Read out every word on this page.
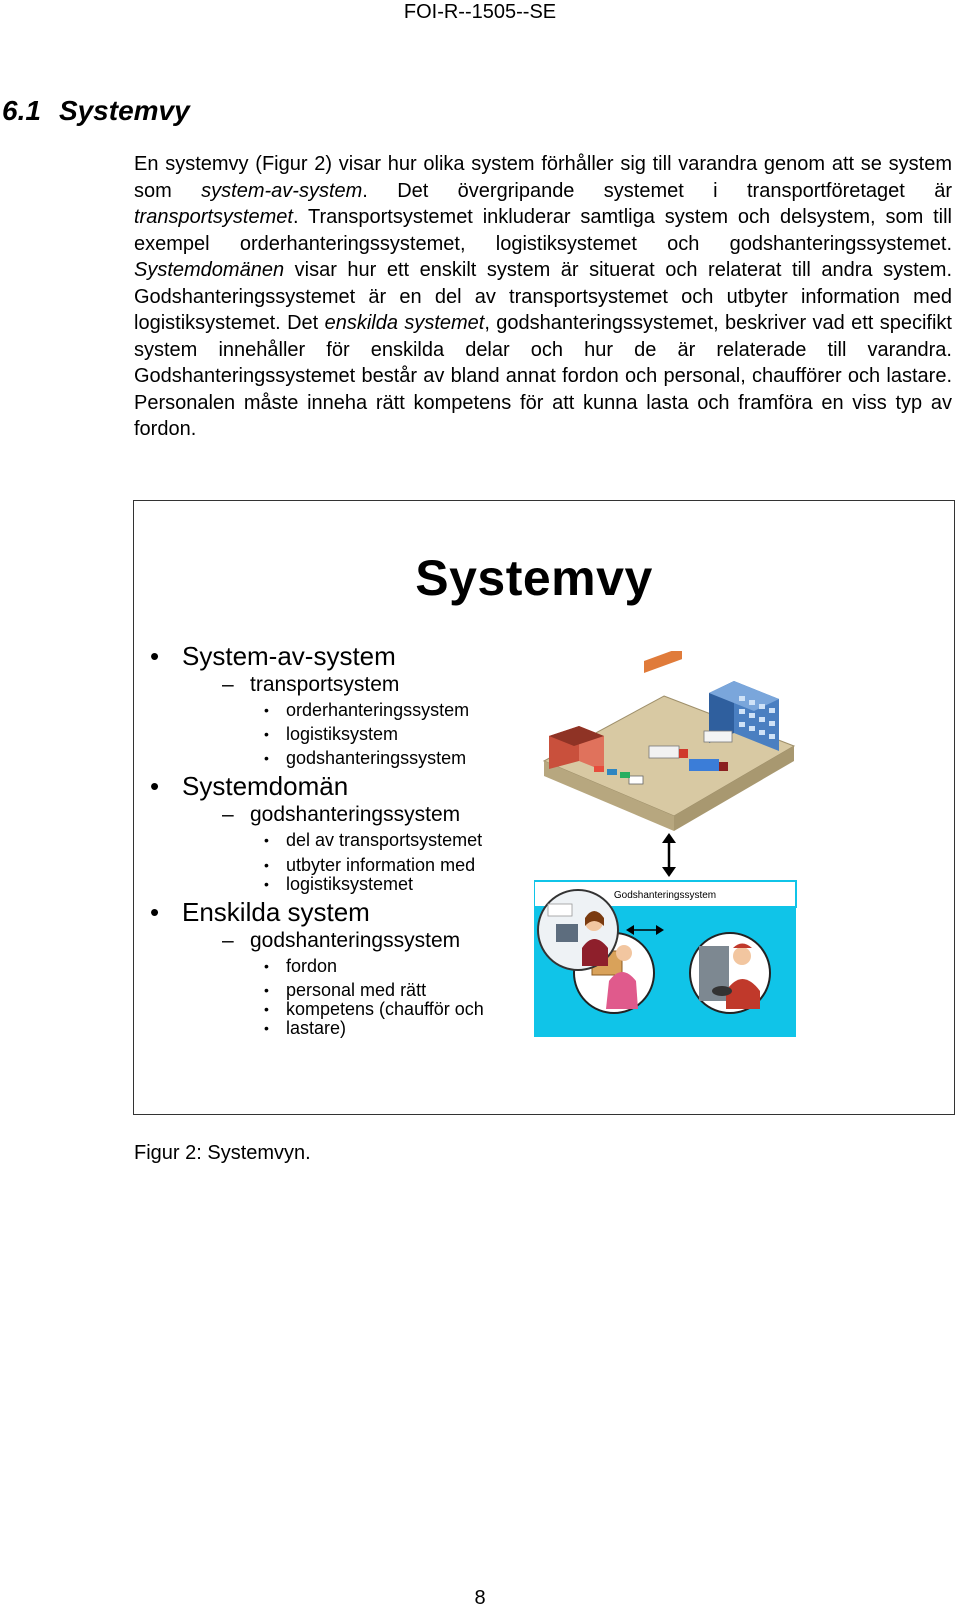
FOI-R--1505--SE
6.1 Systemvy

En systemvy (Figur 2) visar hur olika system förhåller sig till varandra genom att se system som system-av-system. Det övergripande systemet i transportföretaget är transportsystemet. Transportsystemet inkluderar samtliga system och delsystem, som till exempel orderhanteringssystemet, logistiksystemet och godshanteringssystemet. Systemdomänen visar hur ett enskilt system är situerat och relaterat till andra system. Godshanteringssystemet är en del av transportsystemet och utbyter information med logistiksystemet. Det enskilda systemet, godshanteringssystemet, beskriver vad ett specifikt system innehåller för enskilda delar och hur de är relaterade till varandra. Godshanteringssystemet består av bland annat fordon och personal, chaufförer och lastare. Personalen måste inneha rätt kompetens för att kunna lasta och framföra en viss typ av fordon.

Systemvy
• System-av-system
– transportsystem
• orderhanteringssystem
• logistiksystem
• godshanteringssystem
• Systemdomän
– godshanteringssystem
• del av transportsystemet
• utbyter information med
• logistiksystemet
• Enskilda system
– godshanteringssystem
• fordon
• personal med rätt
• kompetens (chaufför och
• lastare)
Godshanteringssystem

Figur 2: Systemvyn.

8
